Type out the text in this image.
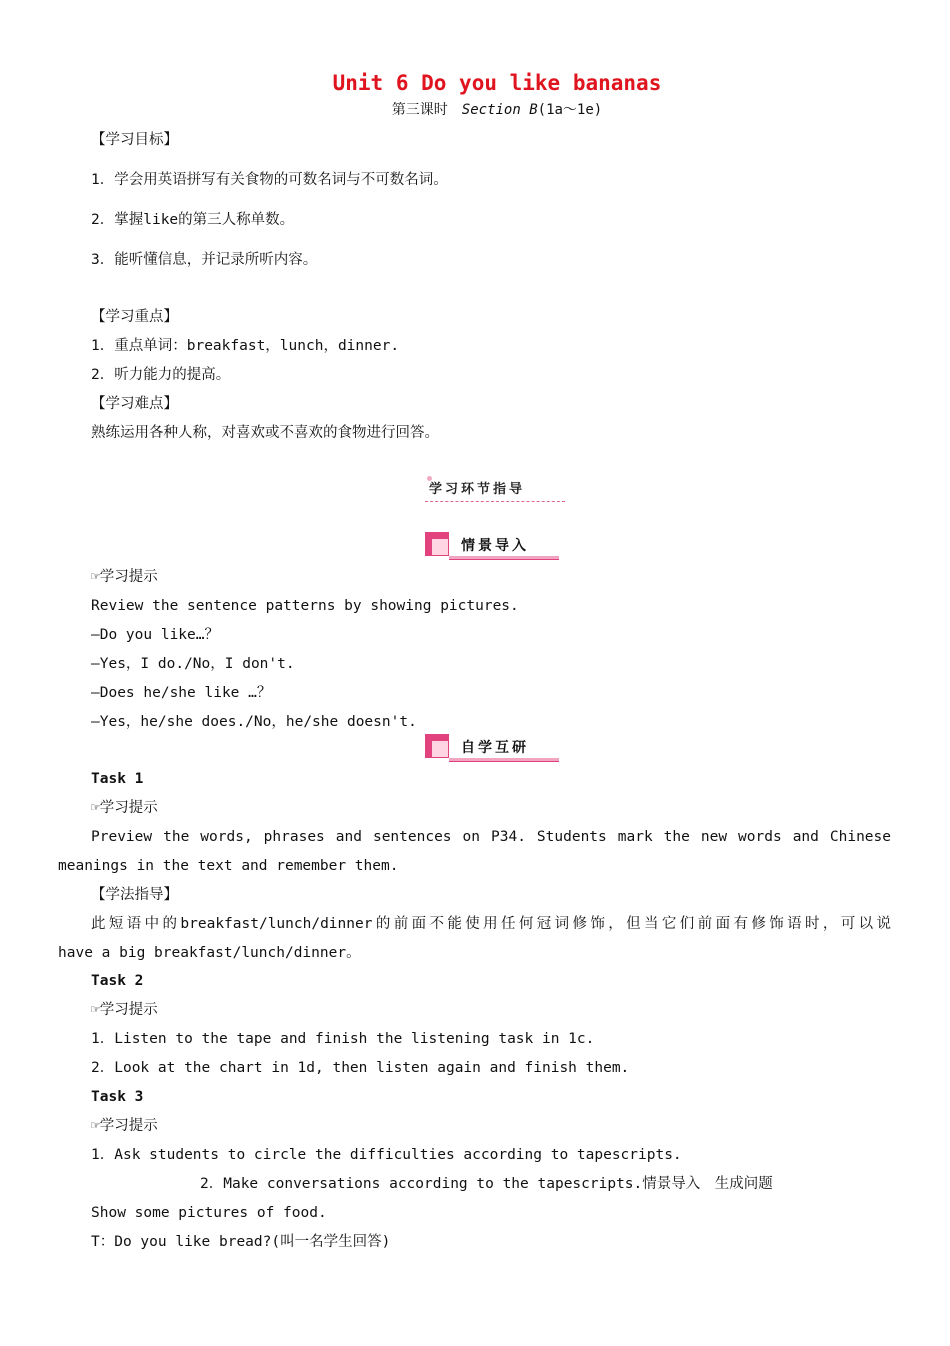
Unit 6 Do you like bananas
第三课时 Section B(1a～1e)
【学习目标】
1．学会用英语拼写有关食物的可数名词与不可数名词。
2．掌握like的第三人称单数。
3．能听懂信息，并记录所听内容。
【学习重点】
1．重点单词：breakfast，lunch，dinner.
2．听力能力的提高。
【学习难点】
熟练运用各种人称，对喜欢或不喜欢的食物进行回答。
学习环节指导
情景导入
☞学习提示
Review the sentence patterns by showing pictures.
—Do you like…？
—Yes，I do./No，I don't.
—Does he/she like …？
—Yes，he/she does./No，he/she doesn't.
自学互研
Task 1
☞学习提示
Preview the words, phrases and sentences on P34. Students mark the new words and Chinese
meanings in the text and remember them.
【学法指导】
此短语中的breakfast/lunch/dinner的前面不能使用任何冠词修饰，但当它们前面有修饰语时，可以说
have a big breakfast/lunch/dinner。
Task 2
☞学习提示
1．Listen to the tape and finish the listening task in 1c.
2．Look at the chart in 1d, then listen again and finish them.
Task 3
☞学习提示
1．Ask students to circle the difficulties according to tapescripts.
2．Make conversations according to the tapescripts.情景导入　生成问题
Show some pictures of food.
T：Do you like bread?(叫一名学生回答)
